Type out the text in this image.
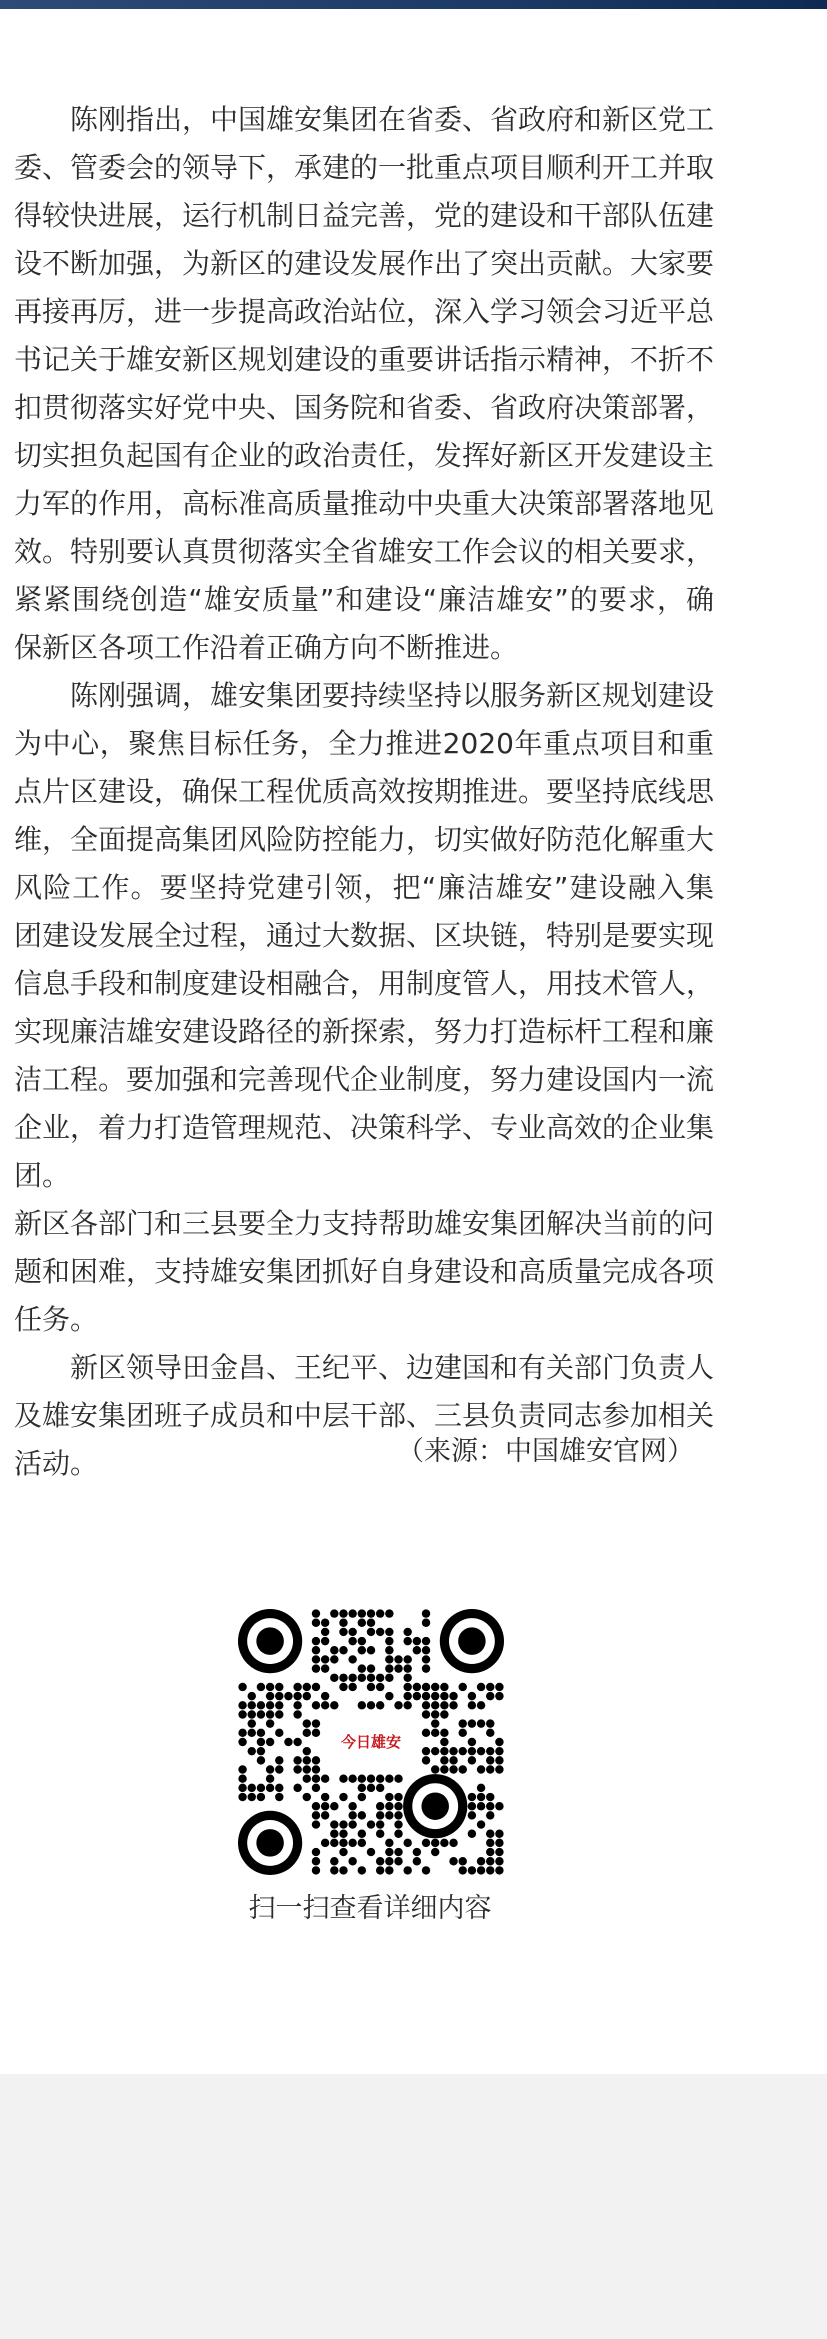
陈刚指出，中国雄安集团在省委、省政府和新区党工委、管委会的领导下，承建的一批重点项目顺利开工并取得较快进展，运行机制日益完善，党的建设和干部队伍建设不断加强，为新区的建设发展作出了突出贡献。大家要再接再厉，进一步提高政治站位，深入学习领会习近平总书记关于雄安新区规划建设的重要讲话指示精神，不折不扣贯彻落实好党中央、国务院和省委、省政府决策部署，切实担负起国有企业的政治责任，发挥好新区开发建设主力军的作用，高标准高质量推动中央重大决策部署落地见效。特别要认真贯彻落实全省雄安工作会议的相关要求，紧紧围绕创造“雄安质量”和建设“廉洁雄安”的要求，确保新区各项工作沿着正确方向不断推进。

陈刚强调，雄安集团要持续坚持以服务新区规划建设为中心，聚焦目标任务，全力推进2020年重点项目和重点片区建设，确保工程优质高效按期推进。要坚持底线思维，全面提高集团风险防控能力，切实做好防范化解重大风险工作。要坚持党建引领，把“廉洁雄安”建设融入集团建设发展全过程，通过大数据、区块链，特别是要实现信息手段和制度建设相融合，用制度管人，用技术管人，实现廉洁雄安建设路径的新探索，努力打造标杆工程和廉洁工程。要加强和完善现代企业制度，努力建设国内一流企业，着力打造管理规范、决策科学、专业高效的企业集团。

新区各部门和三县要全力支持帮助雄安集团解决当前的问题和困难，支持雄安集团抓好自身建设和高质量完成各项任务。

新区领导田金昌、王纪平、边建国和有关部门负责人及雄安集团班子成员和中层干部、三县负责同志参加相关活动。	（来源：中国雄安官网）
今日雄安
扫一扫查看详细内容
